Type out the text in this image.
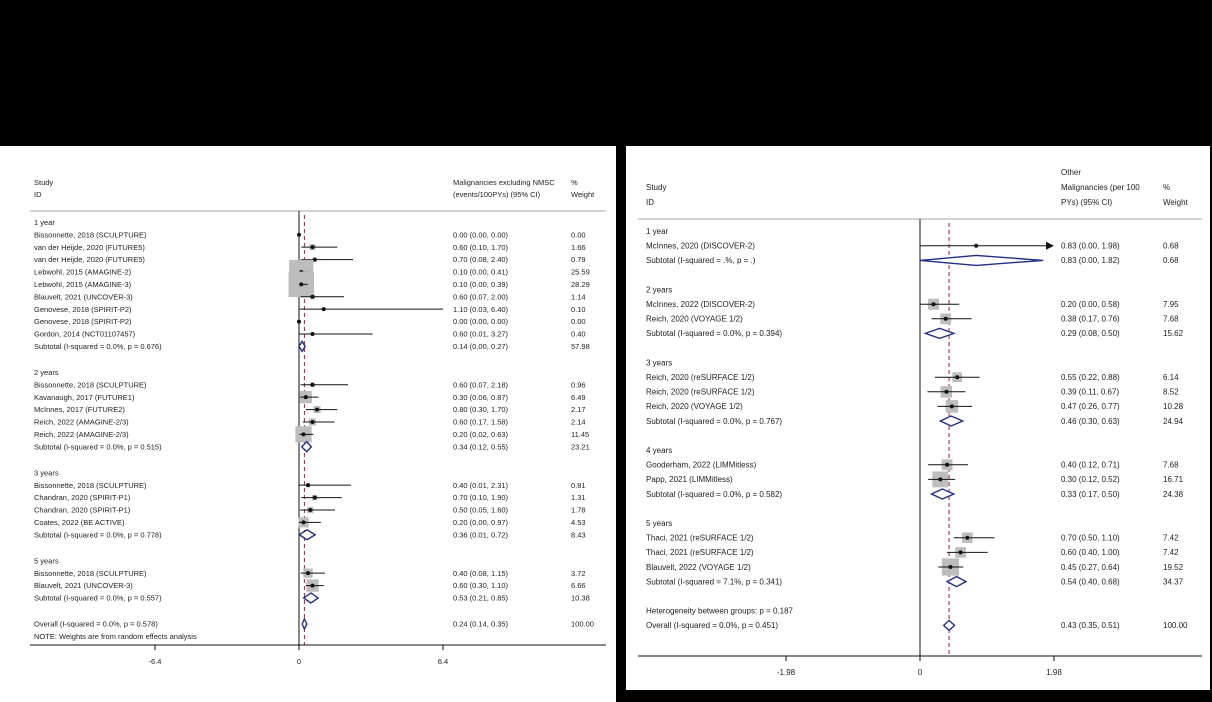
Study
ID
Malignancies excluding NMSC
(events/100PYs) (95% CI)
%
Weight
1 year
Bissonnette, 2018 (SCULPTURE)	0.00 (0.00, 0.00)	0.00
van der Heijde, 2020 (FUTURE5)	0.60 (0.10, 1.70)	1.66
van der Heijde, 2020 (FUTURE5)	0.70 (0.08, 2.40)	0.79
Lebwohl, 2015 (AMAGINE-2)	0.10 (0.00, 0.41)	25.59
Lebwohl, 2015 (AMAGINE-3)	0.10 (0.00, 0.39)	28.29
Blauvelt, 2021 (UNCOVER-3)	0.60 (0.07, 2.00)	1.14
Genovese, 2018 (SPIRIT-P2)	1.10 (0.03, 6.40)	0.10
Genovese, 2018 (SPIRIT-P2)	0.00 (0.00, 0.00)	0.00
Gordon, 2014 (NCT01107457)	0.60 (0.01, 3.27)	0.40
Subtotal (I-squared = 0.0%, p = 0.676)	0.14 (0.00, 0.27)	57.98
2 years
Bissonnette, 2018 (SCULPTURE)	0.60 (0.07, 2.18)	0.96
Kavanaugh, 2017 (FUTURE1)	0.30 (0.06, 0.87)	6.49
McInnes, 2017 (FUTURE2)	0.80 (0.30, 1.70)	2.17
Reich, 2022 (AMAGINE-2/3)	0.60 (0.17, 1.58)	2.14
Reich, 2022 (AMAGINE-2/3)	0.20 (0.02, 0.63)	11.45
Subtotal (I-squared = 0.0%, p = 0.515)	0.34 (0.12, 0.55)	23.21
3 years
Bissonnette, 2018 (SCULPTURE)	0.40 (0.01, 2.31)	0.81
Chandran, 2020 (SPIRIT-P1)	0.70 (0.10, 1.90)	1.31
Chandran, 2020 (SPIRIT-P1)	0.50 (0.05, 1.60)	1.78
Coates, 2022 (BE ACTIVE)	0.20 (0.00, 0.97)	4.53
Subtotal (I-squared = 0.0%, p = 0.778)	0.36 (0.01, 0.72)	8.43
5 years
Bissonnette, 2018 (SCULPTURE)	0.40 (0.08, 1.15)	3.72
Blauvelt, 2021 (UNCOVER-3)	0.60 (0.30, 1.10)	6.66
Subtotal (I-squared = 0.0%, p = 0.557)	0.53 (0.21, 0.85)	10.38
Overall (I-squared = 0.0%, p = 0.578)	0.24 (0.14, 0.35)	100.00
NOTE: Weights are from random effects analysis
-6.4	0	6.4
Study
ID
Other
Malignancies (per 100
PYs) (95% CI)
%
Weight
1 year
McInnes, 2020 (DISCOVER-2)	0.83 (0.00, 1.98)	0.68
Subtotal (I-squared = .%, p = .)	0.83 (0.00, 1.82)	0.68
2 years
McInnes, 2022 (DISCOVER-2)	0.20 (0.00, 0.58)	7.95
Reich, 2020 (VOYAGE 1/2)	0.38 (0.17, 0.76)	7.68
Subtotal (I-squared = 0.0%, p = 0.394)	0.29 (0.08, 0.50)	15.62
3 years
Reich, 2020 (reSURFACE 1/2)	0.55 (0.22, 0.88)	6.14
Reich, 2020 (reSURFACE 1/2)	0.39 (0.11, 0.67)	8.52
Reich, 2020 (VOYAGE 1/2)	0.47 (0.26, 0.77)	10.28
Subtotal (I-squared = 0.0%, p = 0.767)	0.46 (0.30, 0.63)	24.94
4 years
Gooderham, 2022 (LIMMitless)	0.40 (0.12, 0.71)	7.68
Papp, 2021 (LIMMitless)	0.30 (0.12, 0.52)	16.71
Subtotal (I-squared = 0.0%, p = 0.582)	0.33 (0.17, 0.50)	24.38
5 years
Thaci, 2021 (reSURFACE 1/2)	0.70 (0.50, 1.10)	7.42
Thaci, 2021 (reSURFACE 1/2)	0.60 (0.40, 1.00)	7.42
Blauvelt, 2022 (VOYAGE 1/2)	0.45 (0.27, 0.64)	19.52
Subtotal (I-squared = 7.1%, p = 0.341)	0.54 (0.40, 0.68)	34.37
Heterogeneity between groups: p = 0.187
Overall (I-squared = 0.0%, p = 0.451)	0.43 (0.35, 0.51)	100.00
-1.98	0	1.98
